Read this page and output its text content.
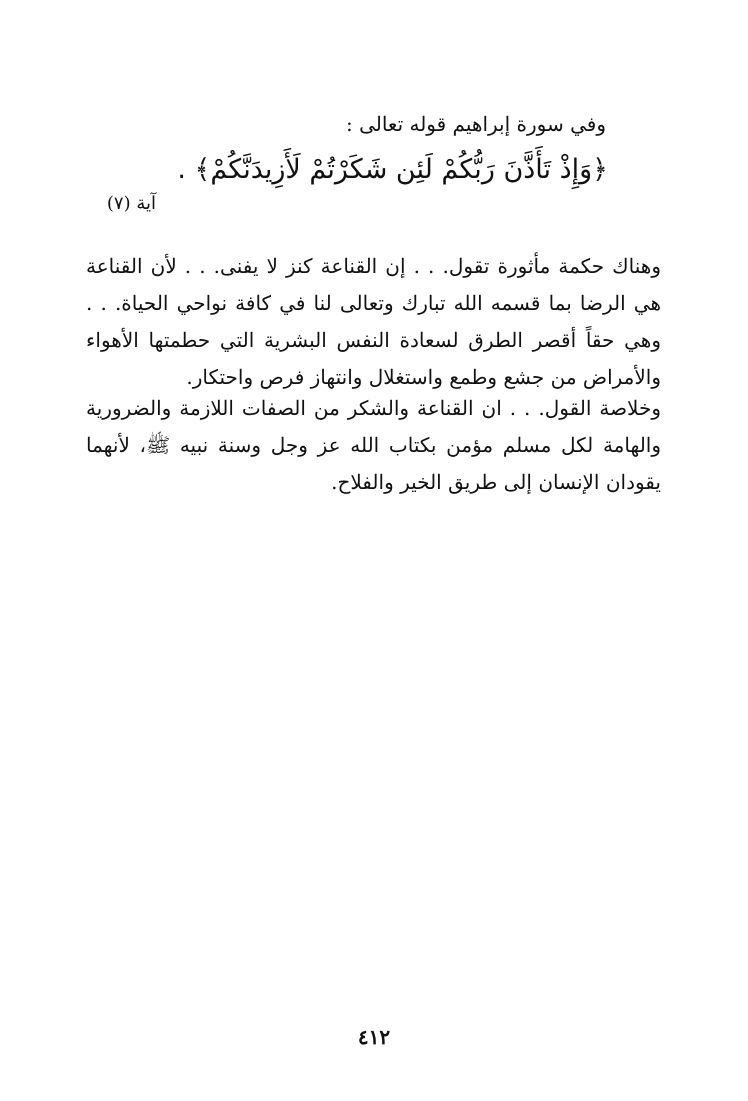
وفي سورة إبراهيم قوله تعالى :
﴿وَإِذْ تَأَذَّنَ رَبُّكُمْ لَئِن شَكَرْتُمْ لَأَزِيدَنَّكُمْ﴾ .
آية (٧)

وهناك حكمة مأثورة تقول. . . إن القناعة كنز لا يفنى. . . لأن القناعة هي الرضا بما قسمه الله تبارك وتعالى لنا في كافة نواحي الحياة. . . وهي حقاً أقصر الطرق لسعادة النفس البشرية التي حطمتها الأهواء والأمراض من جشع وطمع واستغلال وانتهاز فرص واحتكار.

وخلاصة القول. . . ان القناعة والشكر من الصفات اللازمة والضرورية والهامة لكل مسلم مؤمن بكتاب الله عز وجل وسنة نبيه ﷺ، لأنهما يقودان الإنسان إلى طريق الخير والفلاح.

٤١٢
